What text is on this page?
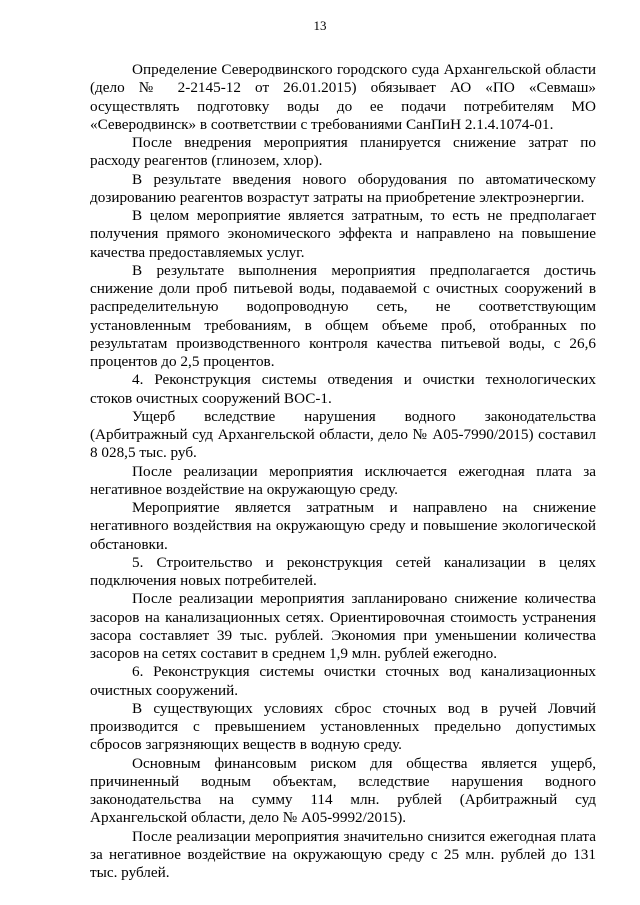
13

Определение Северодвинского городского суда Архангельской области (дело № 2-2145-12 от 26.01.2015) обязывает АО «ПО «Севмаш» осуществлять подготовку воды до ее подачи потребителям МО «Северодвинск» в соответствии с требованиями СанПиН 2.1.4.1074-01.

После внедрения мероприятия планируется снижение затрат по расходу реагентов (глинозем, хлор).

В результате введения нового оборудования по автоматическому дозированию реагентов возрастут затраты на приобретение электроэнергии.

В целом мероприятие является затратным, то есть не предполагает получения прямого экономического эффекта и направлено на повышение качества предоставляемых услуг.

В результате выполнения мероприятия предполагается достичь снижение доли проб питьевой воды, подаваемой с очистных сооружений в распределительную водопроводную сеть, не соответствующим установленным требованиям, в общем объеме проб, отобранных по результатам производственного контроля качества питьевой воды, с 26,6 процентов до 2,5 процентов.

4. Реконструкция системы отведения и очистки технологических стоков очистных сооружений ВОС-1.

Ущерб вследствие нарушения водного законодательства (Арбитражный суд Архангельской области, дело № А05-7990/2015) составил 8 028,5 тыс. руб.

После реализации мероприятия исключается ежегодная плата за негативное воздействие на окружающую среду.

Мероприятие является затратным и направлено на снижение негативного воздействия на окружающую среду и повышение экологической обстановки.

5. Строительство и реконструкция сетей канализации в целях подключения новых потребителей.

После реализации мероприятия запланировано снижение количества засоров на канализационных сетях. Ориентировочная стоимость устранения засора составляет 39 тыс. рублей. Экономия при уменьшении количества засоров на сетях составит в среднем 1,9 млн. рублей ежегодно.

6. Реконструкция системы очистки сточных вод канализационных очистных сооружений.

В существующих условиях сброс сточных вод в ручей Ловчий производится с превышением установленных предельно допустимых сбросов загрязняющих веществ в водную среду.

Основным финансовым риском для общества является ущерб, причиненный водным объектам, вследствие нарушения водного законодательства на сумму 114 млн. рублей (Арбитражный суд Архангельской области, дело № А05-9992/2015).

После реализации мероприятия значительно снизится ежегодная плата за негативное воздействие на окружающую среду с 25 млн. рублей до 131 тыс. рублей.
